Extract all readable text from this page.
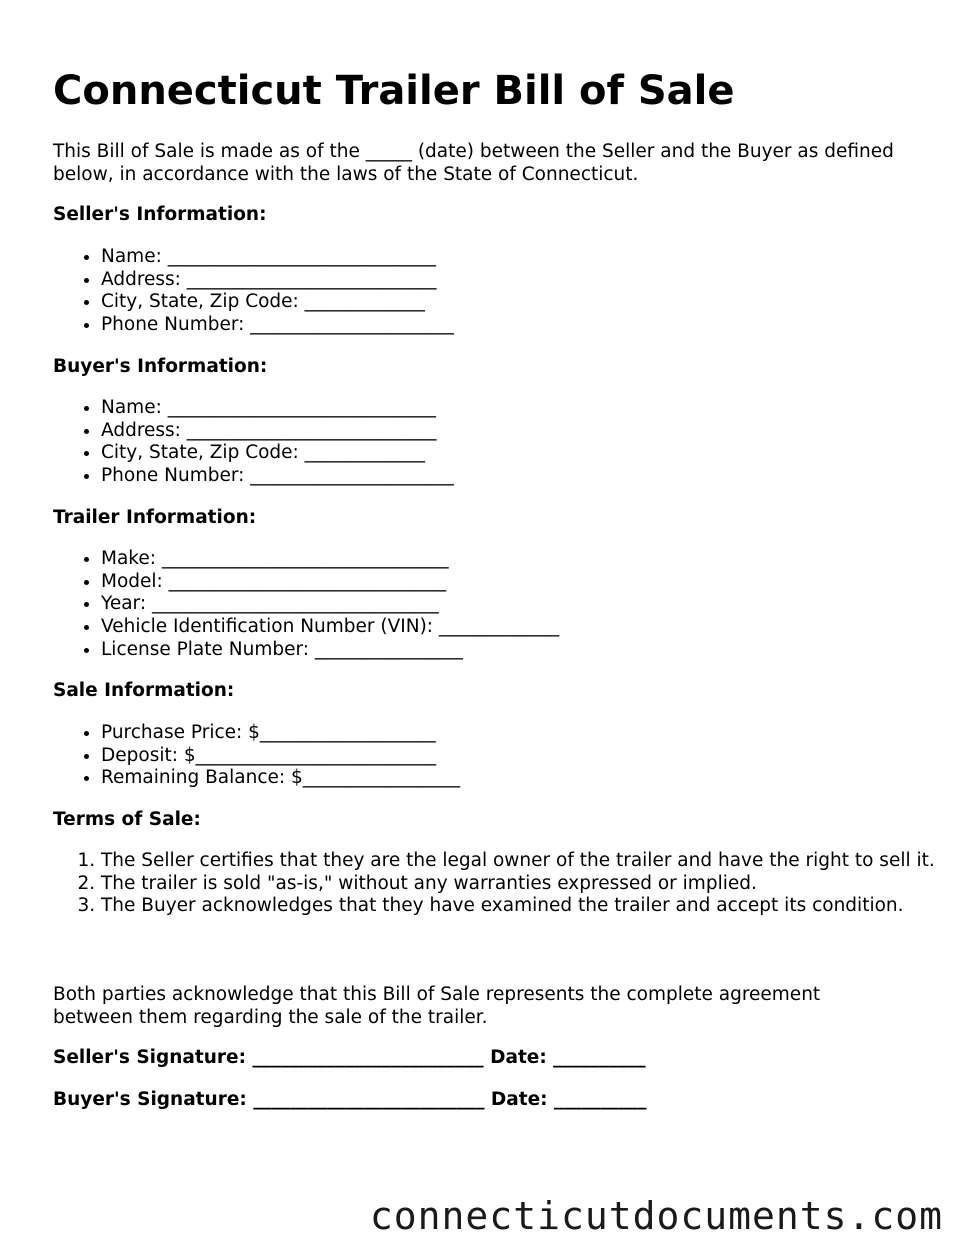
Connecticut Trailer Bill of Sale

This Bill of Sale is made as of the _____ (date) between the Seller and the Buyer as defined below, in accordance with the laws of the State of Connecticut.

Seller's Information:

• Name: _____________________________
• Address: ___________________________
• City, State, Zip Code: _____________
• Phone Number: ______________________

Buyer's Information:

• Name: _____________________________
• Address: ___________________________
• City, State, Zip Code: _____________
• Phone Number: ______________________

Trailer Information:

• Make: _______________________________
• Model: ______________________________
• Year: _______________________________
• Vehicle Identification Number (VIN): _____________
• License Plate Number: ________________

Sale Information:

• Purchase Price: $___________________
• Deposit: $__________________________
• Remaining Balance: $_________________

Terms of Sale:

1. The Seller certifies that they are the legal owner of the trailer and have the right to sell it.
2. The trailer is sold "as-is," without any warranties expressed or implied.
3. The Buyer acknowledges that they have examined the trailer and accept its condition.

Both parties acknowledge that this Bill of Sale represents the complete agreement between them regarding the sale of the trailer.

Seller's Signature: _________________________ Date: __________

Buyer's Signature: _________________________ Date: __________

connecticutdocuments.com
